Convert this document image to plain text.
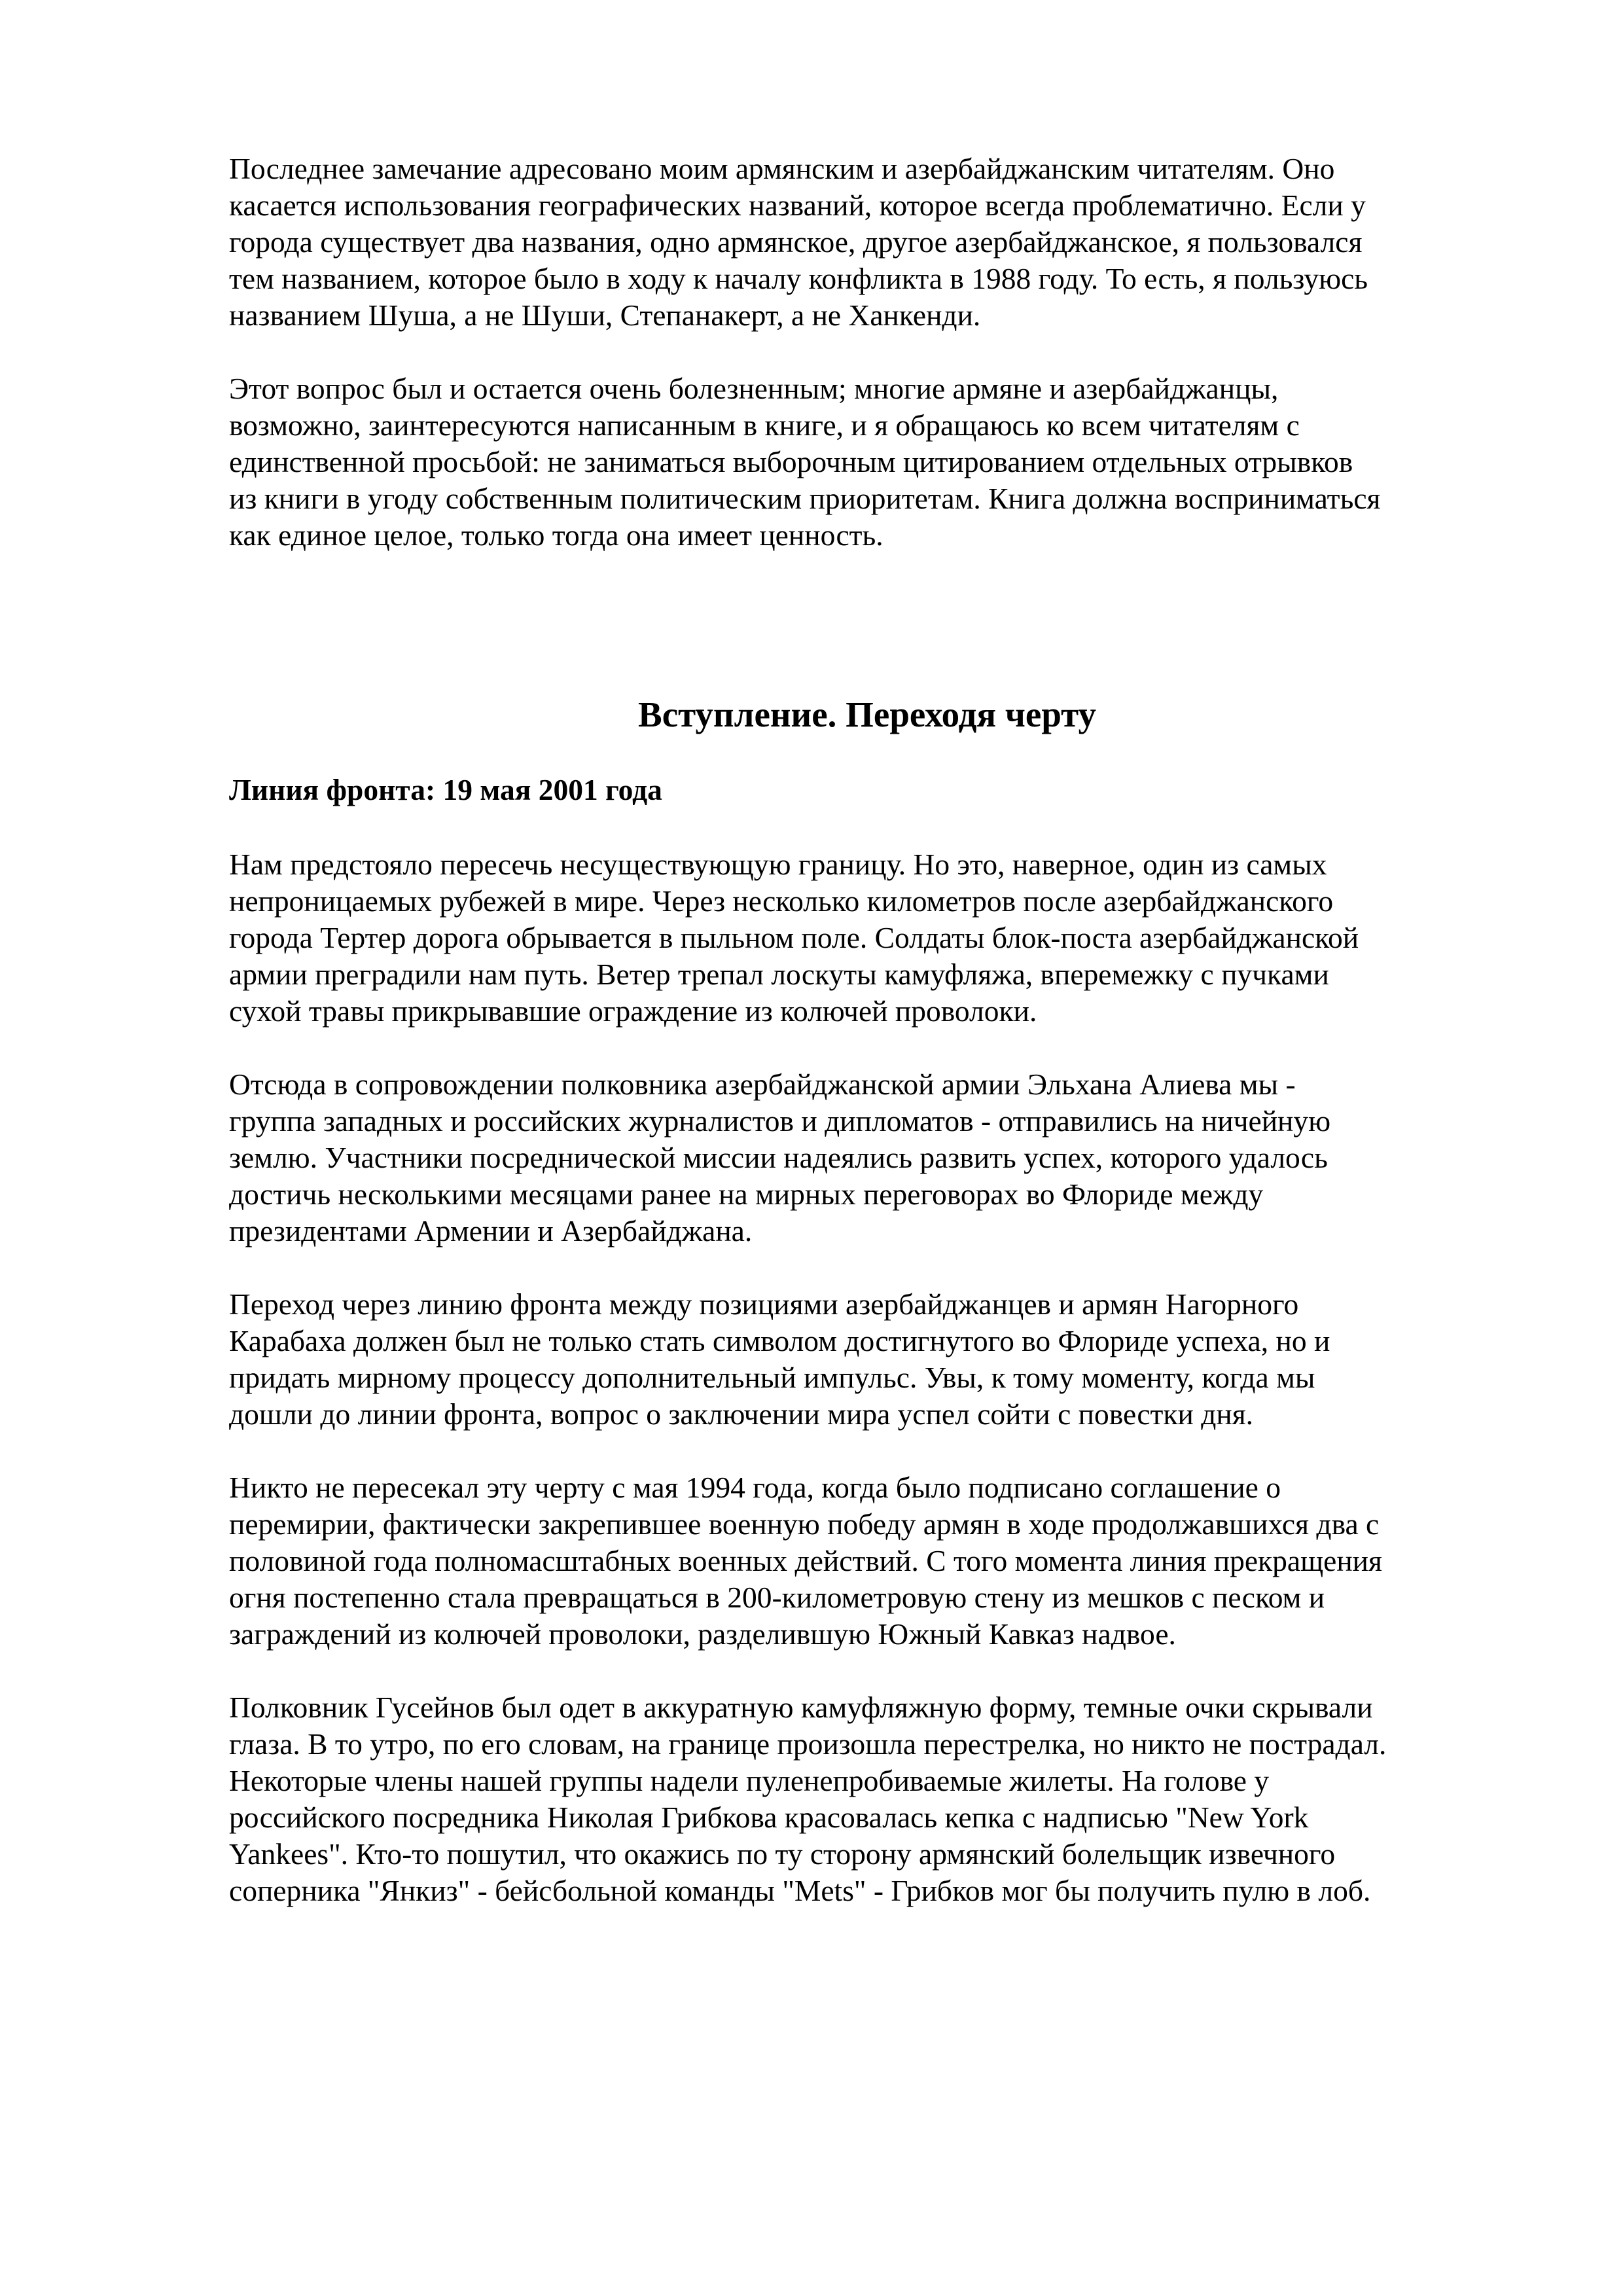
Последнее замечание адресовано моим армянским и азербайджанским читателям. Оно
касается использования географических названий, которое всегда проблематично. Если у
города существует два названия, одно армянское, другое азербайджанское, я пользовался
тем названием, которое было в ходу к началу конфликта в 1988 году. То есть, я пользуюсь
названием Шуша, а не Шуши, Степанакерт, а не Ханкенди.

Этот вопрос был и остается очень болезненным; многие армяне и азербайджанцы,
возможно, заинтересуются написанным в книге, и я обращаюсь ко всем читателям с
единственной просьбой: не заниматься выборочным цитированием отдельных отрывков
из книги в угоду собственным политическим приоритетам. Книга должна восприниматься
как единое целое, только тогда она имеет ценность.

Вступление. Переходя черту

Линия фронта: 19 мая 2001 года

Нам предстояло пересечь несуществующую границу. Но это, наверное, один из самых
непроницаемых рубежей в мире. Через несколько километров после азербайджанского
города Тертер дорога обрывается в пыльном поле. Солдаты блок-поста азербайджанской
армии преградили нам путь. Ветер трепал лоскуты камуфляжа, вперемежку с пучками
сухой травы прикрывавшие ограждение из колючей проволоки.

Отсюда в сопровождении полковника азербайджанской армии Эльхана Алиева мы -
группа западных и российских журналистов и дипломатов - отправились на ничейную
землю. Участники посреднической миссии надеялись развить успех, которого удалось
достичь несколькими месяцами ранее на мирных переговорах во Флориде между
президентами Армении и Азербайджана.

Переход через линию фронта между позициями азербайджанцев и армян Нагорного
Карабаха должен был не только стать символом достигнутого во Флориде успеха, но и
придать мирному процессу дополнительный импульс. Увы, к тому моменту, когда мы
дошли до линии фронта, вопрос о заключении мира успел сойти с повестки дня.

Никто не пересекал эту черту с мая 1994 года, когда было подписано соглашение о
перемирии, фактически закрепившее военную победу армян в ходе продолжавшихся два с
половиной года полномасштабных военных действий. С того момента линия прекращения
огня постепенно стала превращаться в 200-километровую стену из мешков с песком и
заграждений из колючей проволоки, разделившую Южный Кавказ надвое.

Полковник Гусейнов был одет в аккуратную камуфляжную форму, темные очки скрывали
глаза. В то утро, по его словам, на границе произошла перестрелка, но никто не пострадал.
Некоторые члены нашей группы надели пуленепробиваемые жилеты. На голове у
российского посредника Николая Грибкова красовалась кепка с надписью "New York
Yankees". Кто-то пошутил, что окажись по ту сторону армянский болельщик извечного
соперника "Янкиз" - бейсбольной команды "Mets" - Грибков мог бы получить пулю в лоб.
